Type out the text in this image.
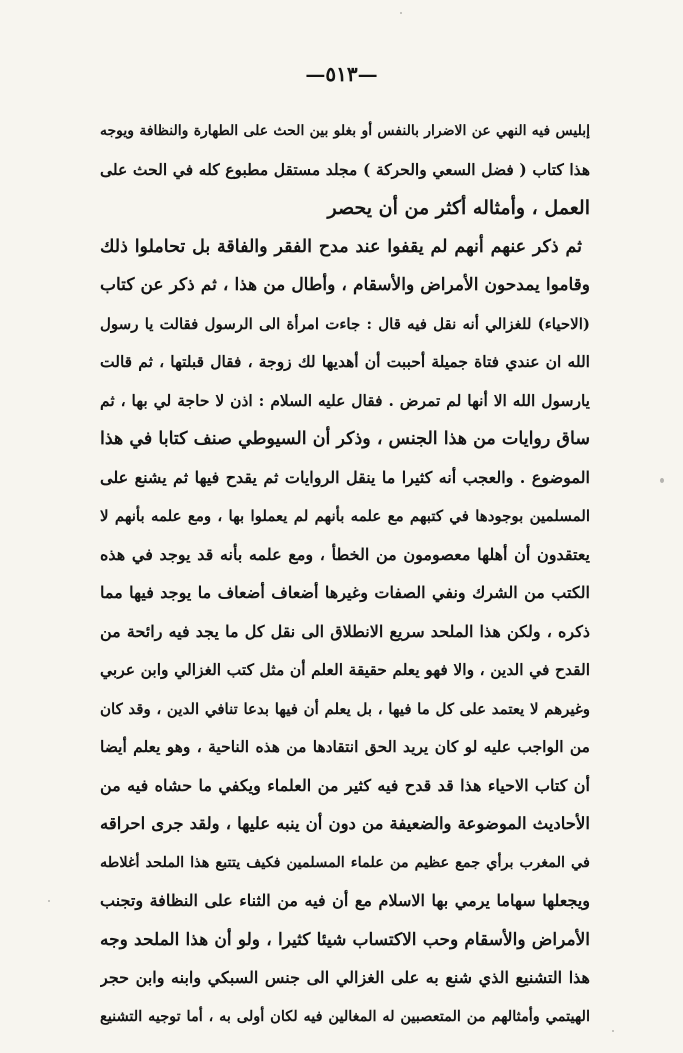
—٥١٣—
إبليس فيه النهي عن الاضرار بالنفس أو بغلو بين الحث على الطهارة والنظافة ويوجه
هذا كتاب ( فضل السعي والحركة ) مجلد مستقل مطبوع كله في الحث على
العمل ، وأمثاله أكثر من أن يحصر
ثم ذكر عنهم أنهم لم يقفوا عند مدح الفقر والفاقة بل تحاملوا ذلك
وقاموا يمدحون الأمراض والأسقام ، وأطال من هذا ، ثم ذكر عن كتاب
(الاحياء) للغزالي أنه نقل فيه قال : جاءت امرأة الى الرسول فقالت يا رسول
الله ان عندي فتاة جميلة أحببت أن أهديها لك زوجة ، فقال قبلتها ، ثم قالت
يارسول الله الا أنها لم تمرض . فقال عليه السلام : اذن لا حاجة لي بها ، ثم
ساق روايات من هذا الجنس ، وذكر أن السيوطي صنف كتابا في هذا
الموضوع . والعجب أنه كثيرا ما ينقل الروايات ثم يقدح فيها ثم يشنع على
المسلمين بوجودها في كتبهم مع علمه بأنهم لم يعملوا بها ، ومع علمه بأنهم لا
يعتقدون أن أهلها معصومون من الخطأ ، ومع علمه بأنه قد يوجد في هذه
الكتب من الشرك ونفي الصفات وغيرها أضعاف أضعاف ما يوجد فيها مما
ذكره ، ولكن هذا الملحد سريع الانطلاق الى نقل كل ما يجد فيه رائحة من
القدح في الدين ، والا فهو يعلم حقيقة العلم أن مثل كتب الغزالي وابن عربي
وغيرهم لا يعتمد على كل ما فيها ، بل يعلم أن فيها بدعا تنافي الدين ، وقد كان
من الواجب عليه لو كان يريد الحق انتقادها من هذه الناحية ، وهو يعلم أيضا
أن كتاب الاحياء هذا قد قدح فيه كثير من العلماء ويكفي ما حشاه فيه من
الأحاديث الموضوعة والضعيفة من دون أن ينبه عليها ، ولقد جرى احراقه
في المغرب برأي جمع عظيم من علماء المسلمين فكيف يتتبع هذا الملحد أغلاطه
ويجعلها سهاما يرمي بها الاسلام مع أن فيه من الثناء على النظافة وتجنب
الأمراض والأسقام وحب الاكتساب شيئا كثيرا ، ولو أن هذا الملحد وجه
هذا التشنيع الذي شنع به على الغزالي الى جنس السبكي وابنه وابن حجر
الهيتمي وأمثالهم من المتعصبين له المغالين فيه لكان أولى به ، أما توجيه التشنيع
